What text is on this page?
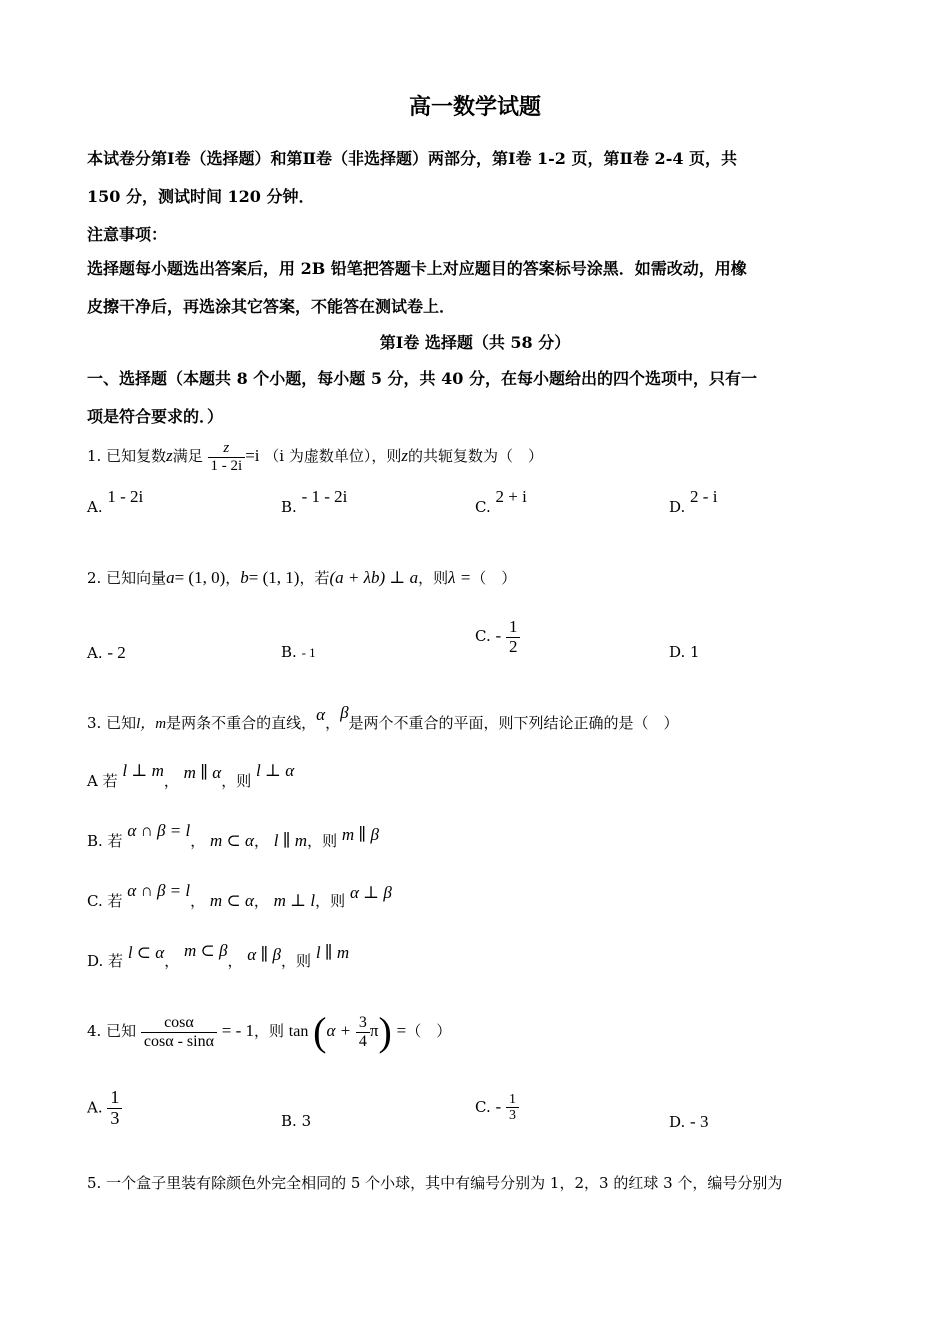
高一数学试题
本试卷分第Ⅰ卷（选择题）和第Ⅱ卷（非选择题）两部分，第Ⅰ卷 1-2 页，第Ⅱ卷 2-4 页，共
150 分，测试时间 120 分钟．
注意事项：
选择题每小题选出答案后，用 2B 铅笔把答题卡上对应题目的答案标号涂黑．如需改动，用橡
皮擦干净后，再选涂其它答案，不能答在测试卷上．
第Ⅰ卷 选择题（共 58 分）
一、选择题（本题共 8 个小题，每小题 5 分，共 40 分，在每小题给出的四个选项中，只有一
项是符合要求的．）
1. 已知复数z满足 $\frac{z}{1 - 2i} =i$ （i 为虚数单位），则z的共轭复数为（　）
A. 1 - 2i
B. - 1 - 2i
C. 2 + i
D. 2 - i
2. 已知向量a= (1, 0)，b= (1, 1)，若(a + λb) ⊥ a，则λ =（　）
A. - 2	B. - 1
C. - $\frac{1}{2}$	D. 1
3. 已知l，m是两条不重合的直线，α，β是两个不重合的平面，则下列结论正确的是（　）
A 若 l ⊥ m， m ∥ α，则 l ⊥ α
B. 若 α ∩ β = l， m ⊂ α， l ∥ m，则 m ∥ β
C. 若 α ∩ β = l， m ⊂ α， m ⊥ l，则 α ⊥ β
D. 若 l ⊂ α， m ⊂ β， α ∥ β，则 l ∥ m
4. 已知 $\frac{\cos\alpha}{\cos\alpha - \sin\alpha}$ = - 1，则 $\tan (\alpha + \frac{3}{4} \pi)$ =（　）
A. $\frac{1}{3}$	B. 3
C. - $\frac{1}{3}$	D. - 3
5. 一个盒子里装有除颜色外完全相同的 5 个小球，其中有编号分别为 1，2，3 的红球 3 个，编号分别为
